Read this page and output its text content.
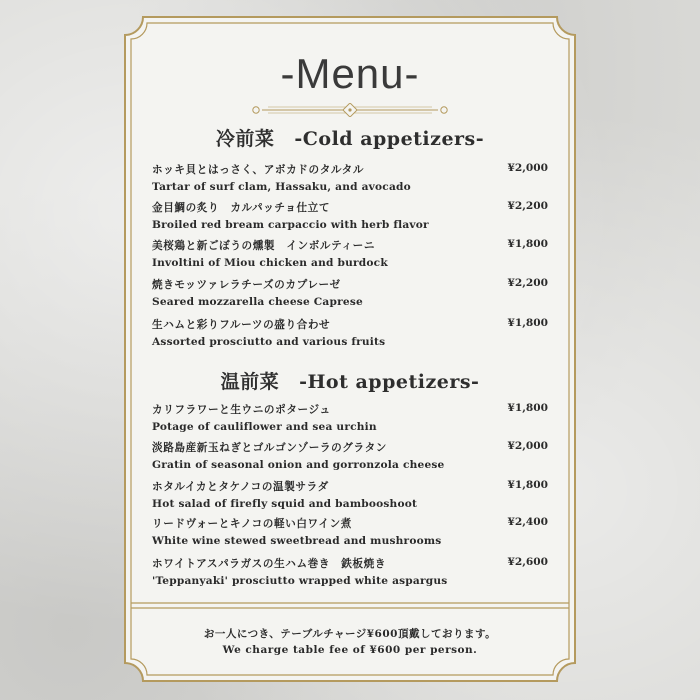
-Menu-
冷前菜 -Cold appetizers-
ホッキ貝とはっさく、アボカドのタルタル	¥2,000
Tartar of surf clam, Hassaku, and avocado
金目鯛の炙り　カルパッチョ仕立て	¥2,200
Broiled red bream carpaccio with herb flavor
美桜鶏と新ごぼうの燻製　インボルティーニ	¥1,800
Involtini of Miou chicken and burdock
焼きモッツァレラチーズのカプレーゼ	¥2,200
Seared mozzarella cheese Caprese
生ハムと彩りフルーツの盛り合わせ	¥1,800
Assorted prosciutto and various fruits
温前菜 -Hot appetizers-
カリフラワーと生ウニのポタージュ	¥1,800
Potage of cauliflower and sea urchin
淡路島産新玉ねぎとゴルゴンゾーラのグラタン	¥2,000
Gratin of seasonal onion and gorronzola cheese
ホタルイカとタケノコの温製サラダ	¥1,800
Hot salad of firefly squid and bambooshoot
リードヴォーとキノコの軽い白ワイン煮	¥2,400
White wine stewed sweetbread and mushrooms
ホワイトアスパラガスの生ハム巻き　鉄板焼き	¥2,600
'Teppanyaki' prosciutto wrapped white aspargus
お一人につき、テーブルチャージ¥600頂戴しております。
We charge table fee of ¥600 per person.
